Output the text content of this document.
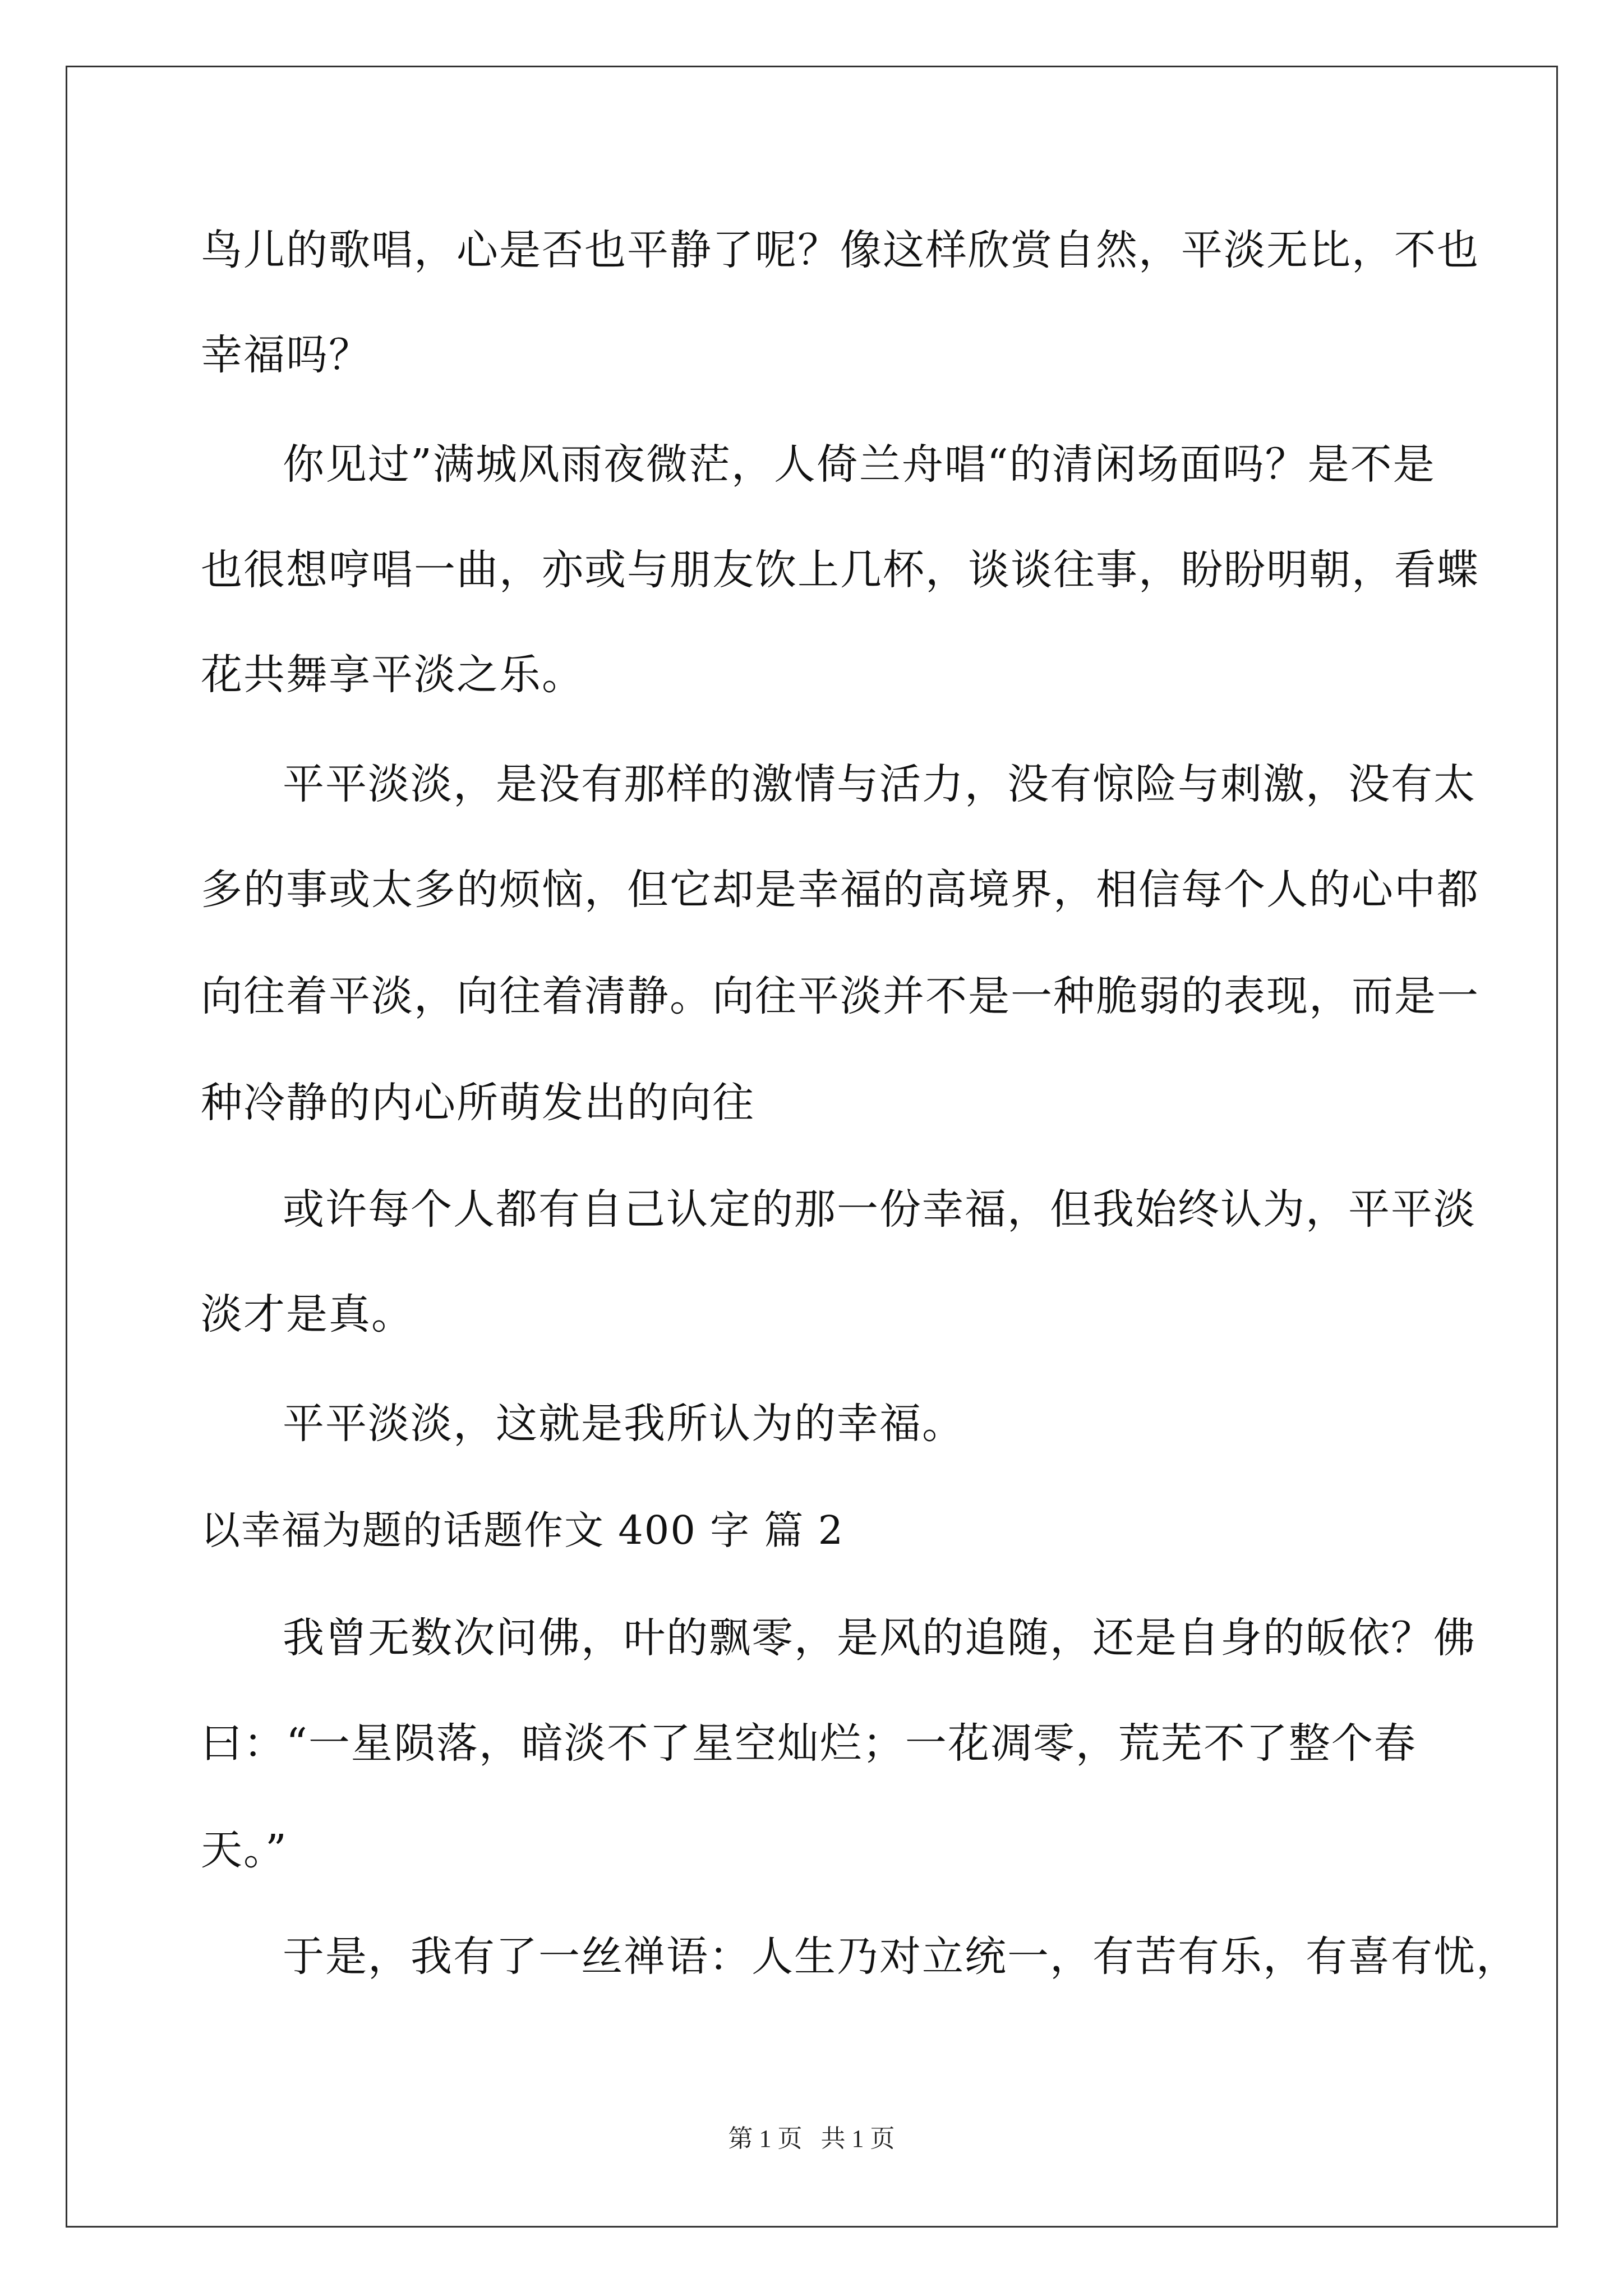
鸟儿的歌唱，心是否也平静了呢？像这样欣赏自然，平淡无比，不也
幸福吗？
你见过”满城风雨夜微茫，人倚兰舟唱“的清闲场面吗？是不是
也很想哼唱一曲，亦或与朋友饮上几杯，谈谈往事，盼盼明朝，看蝶
花共舞享平淡之乐。
平平淡淡，是没有那样的激情与活力，没有惊险与刺激，没有太
多的事或太多的烦恼，但它却是幸福的高境界，相信每个人的心中都
向往着平淡，向往着清静。向往平淡并不是一种脆弱的表现，而是一
种冷静的内心所萌发出的向往
或许每个人都有自己认定的那一份幸福，但我始终认为，平平淡
淡才是真。
平平淡淡，这就是我所认为的幸福。
以幸福为题的话题作文 400 字 篇 2
我曾无数次问佛，叶的飘零，是风的追随，还是自身的皈依？佛
曰：“一星陨落，暗淡不了星空灿烂；一花凋零，荒芜不了整个春
天。”
于是，我有了一丝禅语：人生乃对立统一，有苦有乐，有喜有忧，
第 1 页   共 1 页
